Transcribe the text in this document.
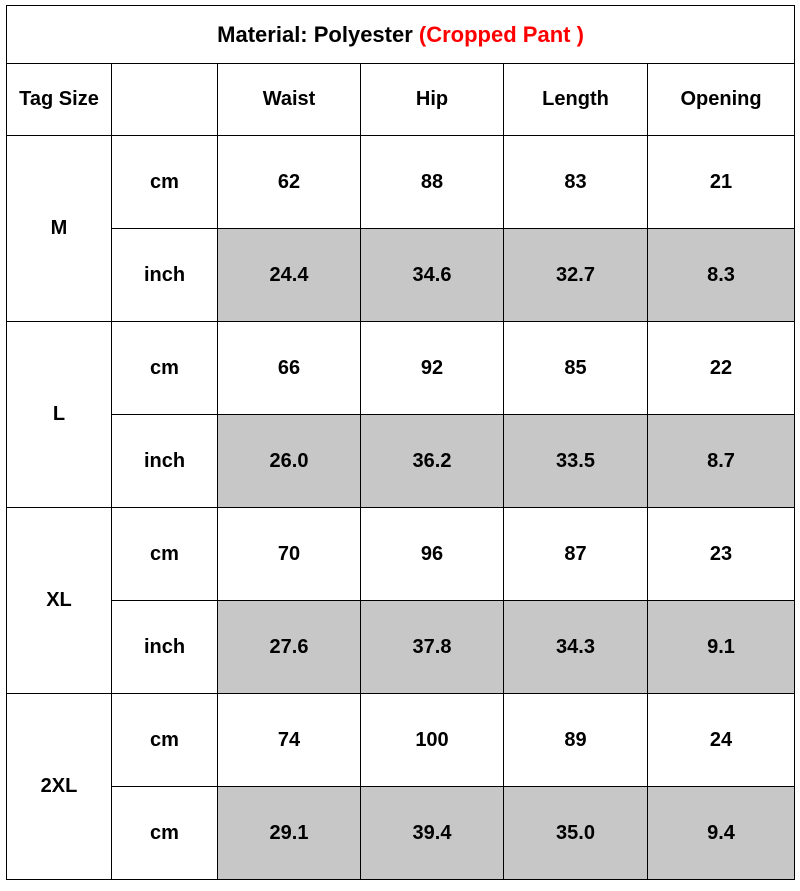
Material: Polyester (Cropped Pant )					
Tag Size		Waist	Hip	Length	Opening
M	cm	62	88	83	21
	inch	24.4	34.6	32.7	8.3
L	cm	66	92	85	22
	inch	26.0	36.2	33.5	8.7
XL	cm	70	96	87	23
	inch	27.6	37.8	34.3	9.1
2XL	cm	74	100	89	24
	cm	29.1	39.4	35.0	9.4
